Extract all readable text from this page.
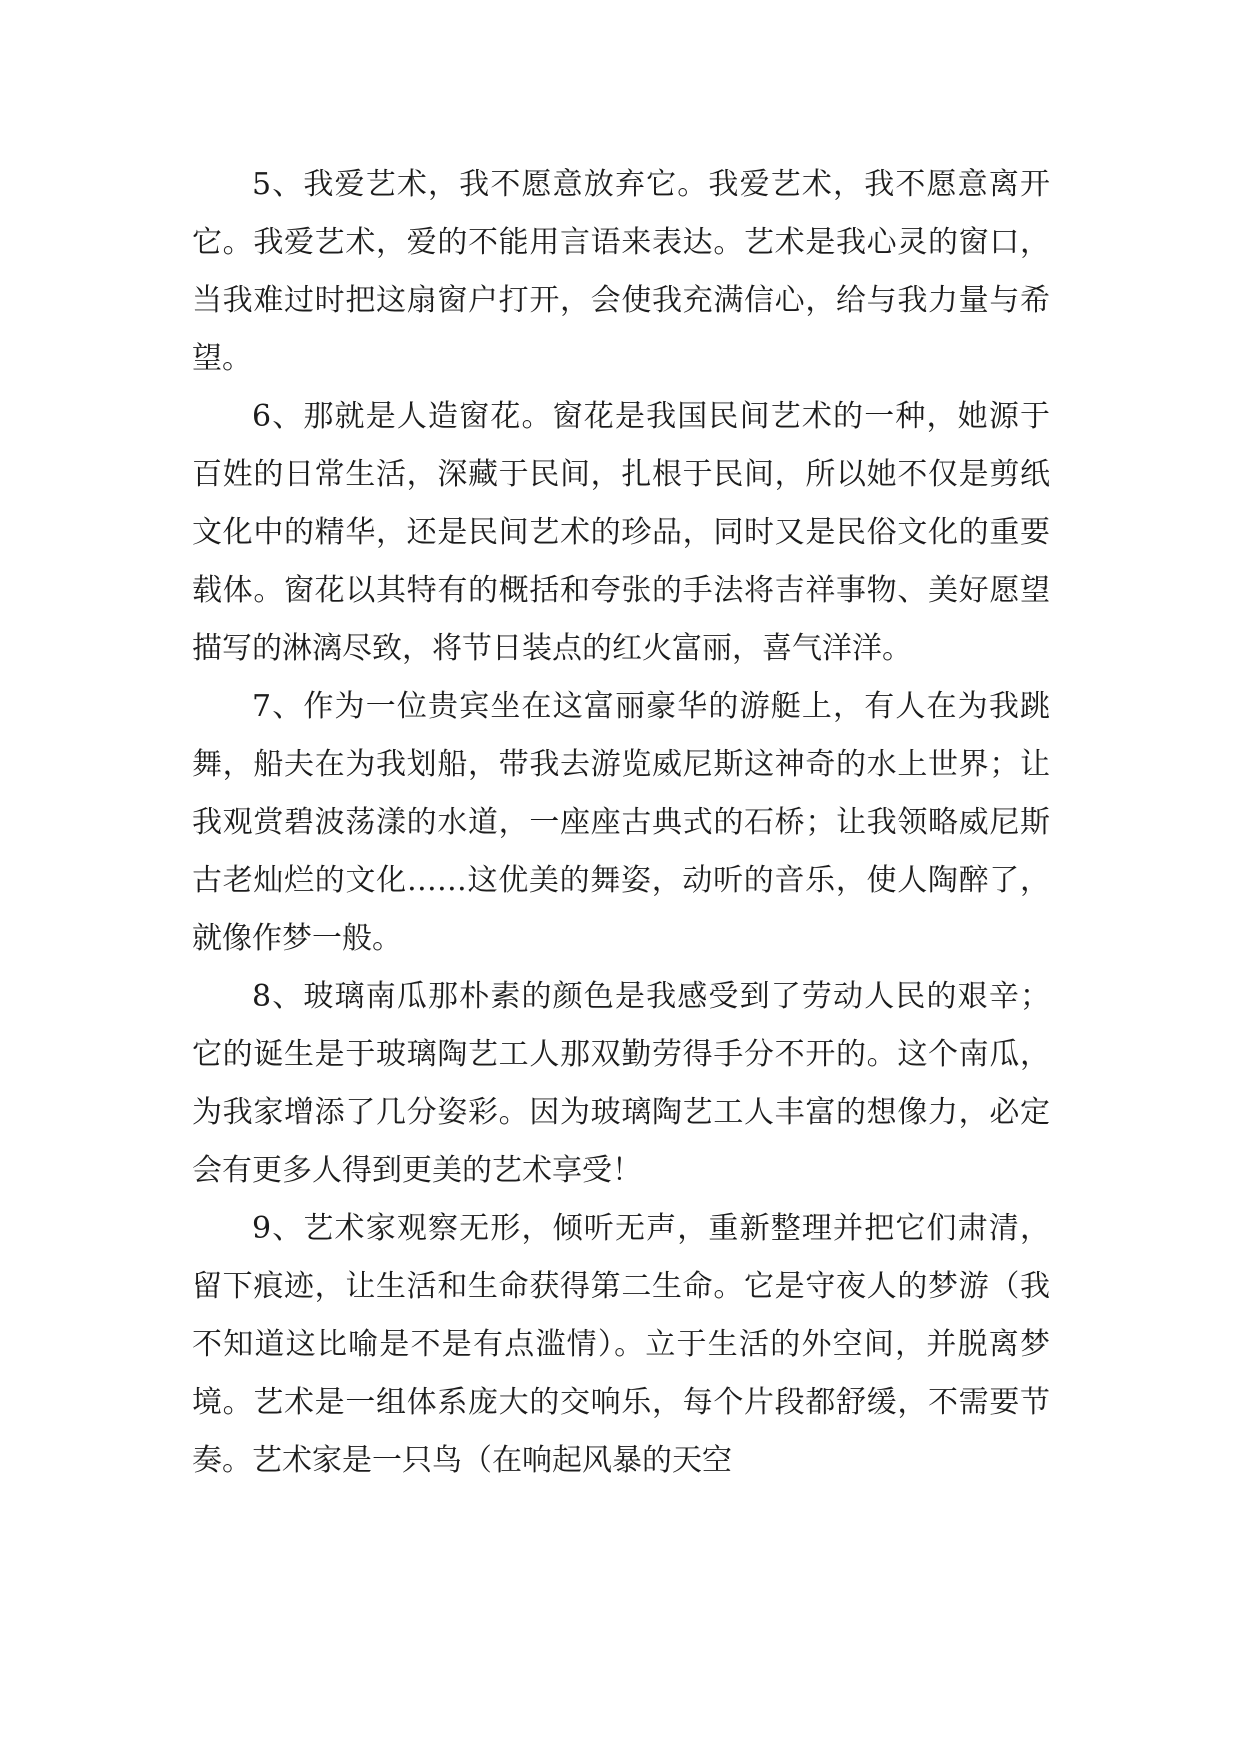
5、我爱艺术，我不愿意放弃它。我爱艺术，我不愿意离开它。我爱艺术，爱的不能用言语来表达。艺术是我心灵的窗口，当我难过时把这扇窗户打开，会使我充满信心，给与我力量与希望。

6、那就是人造窗花。窗花是我国民间艺术的一种，她源于百姓的日常生活，深藏于民间，扎根于民间，所以她不仅是剪纸文化中的精华，还是民间艺术的珍品，同时又是民俗文化的重要载体。窗花以其特有的概括和夸张的手法将吉祥事物、美好愿望描写的淋漓尽致，将节日装点的红火富丽，喜气洋洋。

7、作为一位贵宾坐在这富丽豪华的游艇上，有人在为我跳舞，船夫在为我划船，带我去游览威尼斯这神奇的水上世界；让我观赏碧波荡漾的水道，一座座古典式的石桥；让我领略威尼斯古老灿烂的文化……这优美的舞姿，动听的音乐，使人陶醉了，就像作梦一般。

8、玻璃南瓜那朴素的颜色是我感受到了劳动人民的艰辛；它的诞生是于玻璃陶艺工人那双勤劳得手分不开的。这个南瓜，为我家增添了几分姿彩。因为玻璃陶艺工人丰富的想像力，必定会有更多人得到更美的艺术享受！

9、艺术家观察无形，倾听无声，重新整理并把它们肃清，留下痕迹，让生活和生命获得第二生命。它是守夜人的梦游（我不知道这比喻是不是有点滥情）。立于生活的外空间，并脱离梦境。艺术是一组体系庞大的交响乐，每个片段都舒缓，不需要节奏。艺术家是一只鸟（在响起风暴的天空
